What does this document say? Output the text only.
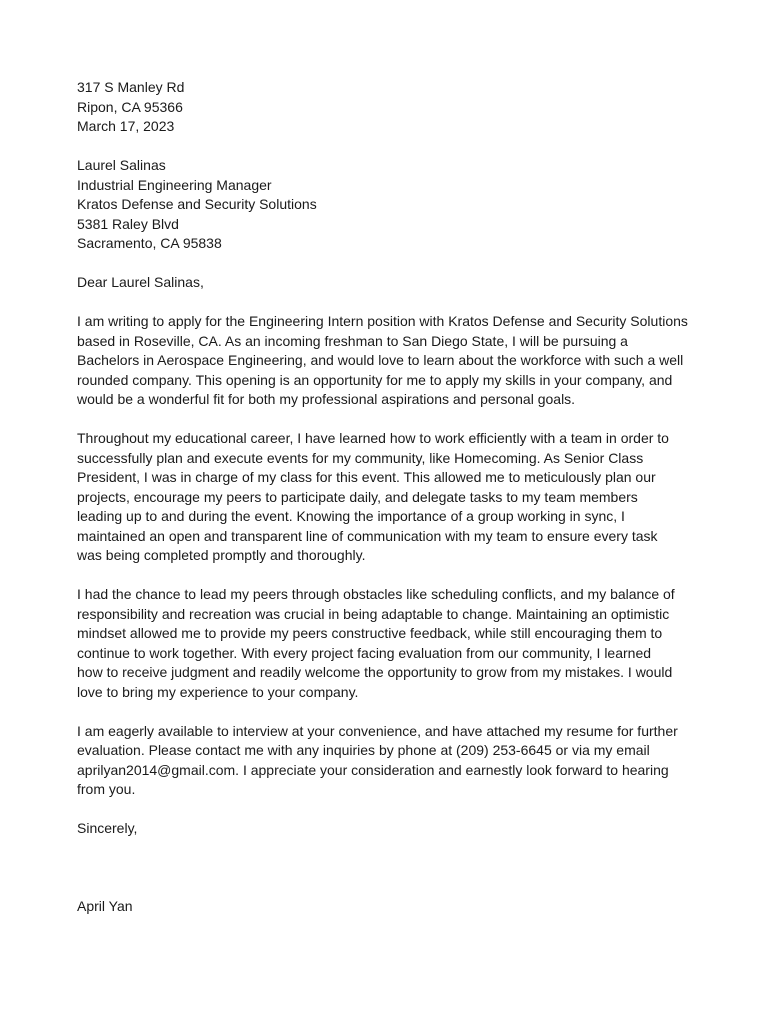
317 S Manley Rd
Ripon, CA 95366
March 17, 2023
Laurel Salinas
Industrial Engineering Manager
Kratos Defense and Security Solutions
5381 Raley Blvd
Sacramento, CA 95838
Dear Laurel Salinas,
I am writing to apply for the Engineering Intern position with Kratos Defense and Security Solutions
based in Roseville, CA. As an incoming freshman to San Diego State, I will be pursuing a
Bachelors in Aerospace Engineering, and would love to learn about the workforce with such a well
rounded company. This opening is an opportunity for me to apply my skills in your company, and
would be a wonderful fit for both my professional aspirations and personal goals.
Throughout my educational career, I have learned how to work efficiently with a team in order to
successfully plan and execute events for my community, like Homecoming. As Senior Class
President, I was in charge of my class for this event. This allowed me to meticulously plan our
projects, encourage my peers to participate daily, and delegate tasks to my team members
leading up to and during the event. Knowing the importance of a group working in sync, I
maintained an open and transparent line of communication with my team to ensure every task
was being completed promptly and thoroughly.
I had the chance to lead my peers through obstacles like scheduling conflicts, and my balance of
responsibility and recreation was crucial in being adaptable to change. Maintaining an optimistic
mindset allowed me to provide my peers constructive feedback, while still encouraging them to
continue to work together. With every project facing evaluation from our community, I learned
how to receive judgment and readily welcome the opportunity to grow from my mistakes. I would
love to bring my experience to your company.
I am eagerly available to interview at your convenience, and have attached my resume for further
evaluation. Please contact me with any inquiries by phone at (209) 253-6645 or via my email
aprilyan2014@gmail.com. I appreciate your consideration and earnestly look forward to hearing
from you.
Sincerely,
April Yan
